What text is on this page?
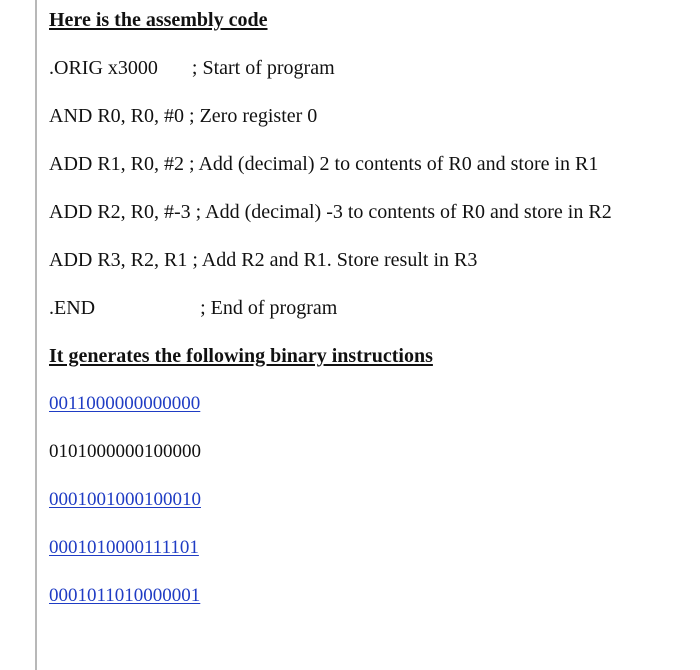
Here is the assembly code
.ORIG x3000 ; Start of program
AND R0, R0, #0 ; Zero register 0
ADD R1, R0, #2 ; Add (decimal) 2 to contents of R0 and store in R1
ADD R2, R0, #-3 ; Add (decimal) -3 to contents of R0 and store in R2
ADD R3, R2, R1 ; Add R2 and R1. Store result in R3
.END	; End of program
It generates the following binary instructions
0011000000000000
0101000000100000
0001001000100010
0001010000111101
0001011010000001
